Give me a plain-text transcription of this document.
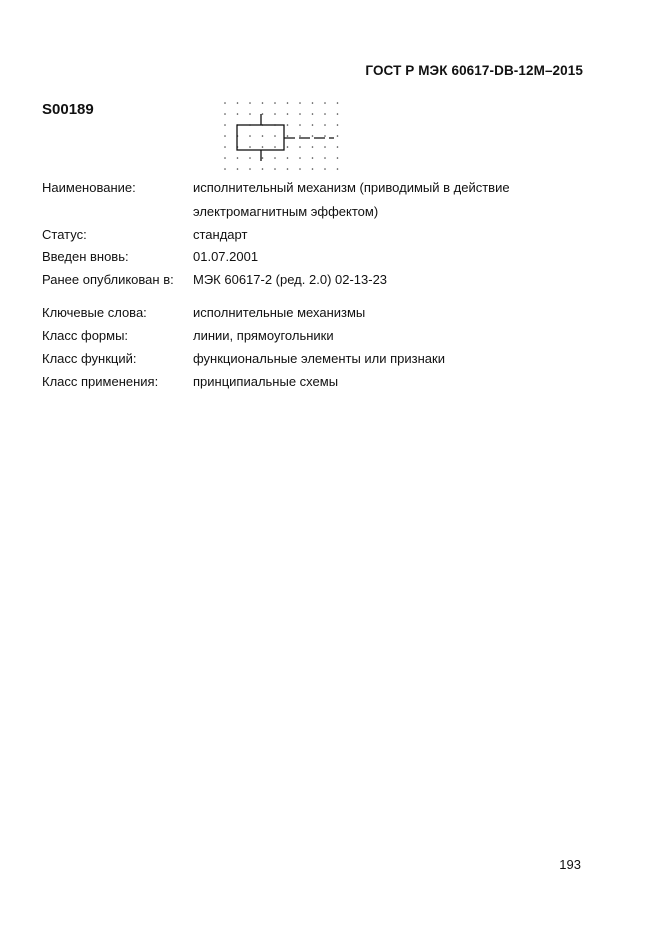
ГОСТ Р МЭК 60617-DB-12M–2015
S00189
Наименование:	исполнительный механизм (приводимый в действие
электромагнитным эффектом)
Статус:	стандарт
Введен вновь:	01.07.2001
Ранее опубликован в: МЭК 60617-2 (ред. 2.0) 02-13-23
Ключевые слова:	исполнительные механизмы
Класс формы:	линии, прямоугольники
Класс функций:	функциональные элементы или признаки
Класс применения:	принципиальные схемы
193
